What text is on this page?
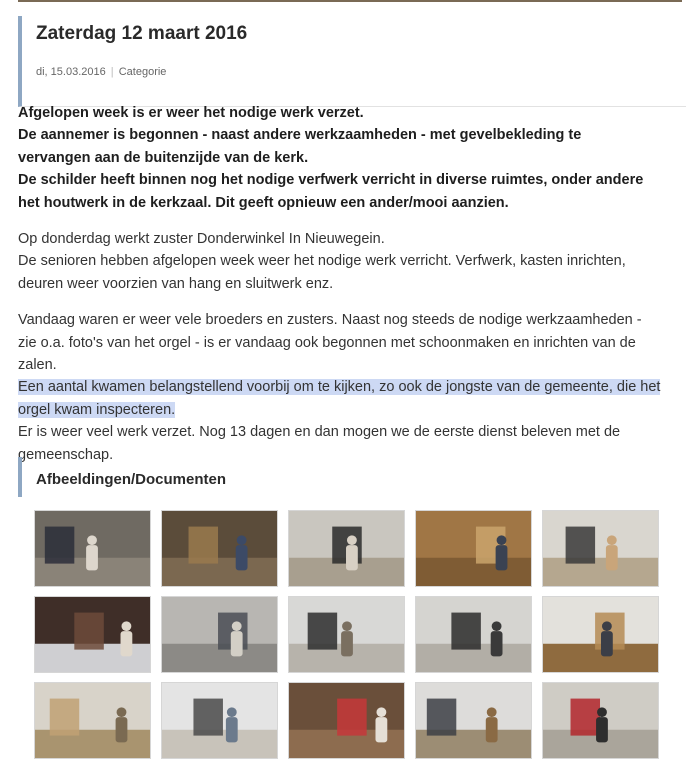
Zaterdag 12 maart 2016
di, 15.03.2016 | Categorie

Afgelopen week is er weer het nodige werk verzet.
De aannemer is begonnen - naast andere werkzaamheden - met gevelbekleding te
vervangen aan de buitenzijde van de kerk.
De schilder heeft binnen nog het nodige verfwerk verricht in diverse ruimtes, onder andere
het houtwerk in de kerkzaal. Dit geeft opnieuw een ander/mooi aanzien.

Op donderdag werkt zuster Donderwinkel In Nieuwegein.
De senioren hebben afgelopen week weer het nodige werk verricht. Verfwerk, kasten inrichten,
deuren weer voorzien van hang en sluitwerk enz.

Vandaag waren er weer vele broeders en zusters. Naast nog steeds de nodige werkzaamheden -
zie o.a. foto's van het orgel - is er vandaag ook begonnen met schoonmaken en inrichten van de
zalen.
Een aantal kwamen belangstellend voorbij om te kijken, zo ook de jongste van de gemeente, die het
orgel kwam inspecteren.
Er is weer veel werk verzet. Nog 13 dagen en dan mogen we de eerste dienst beleven met de
gemeenschap.

Afbeeldingen/Documenten
